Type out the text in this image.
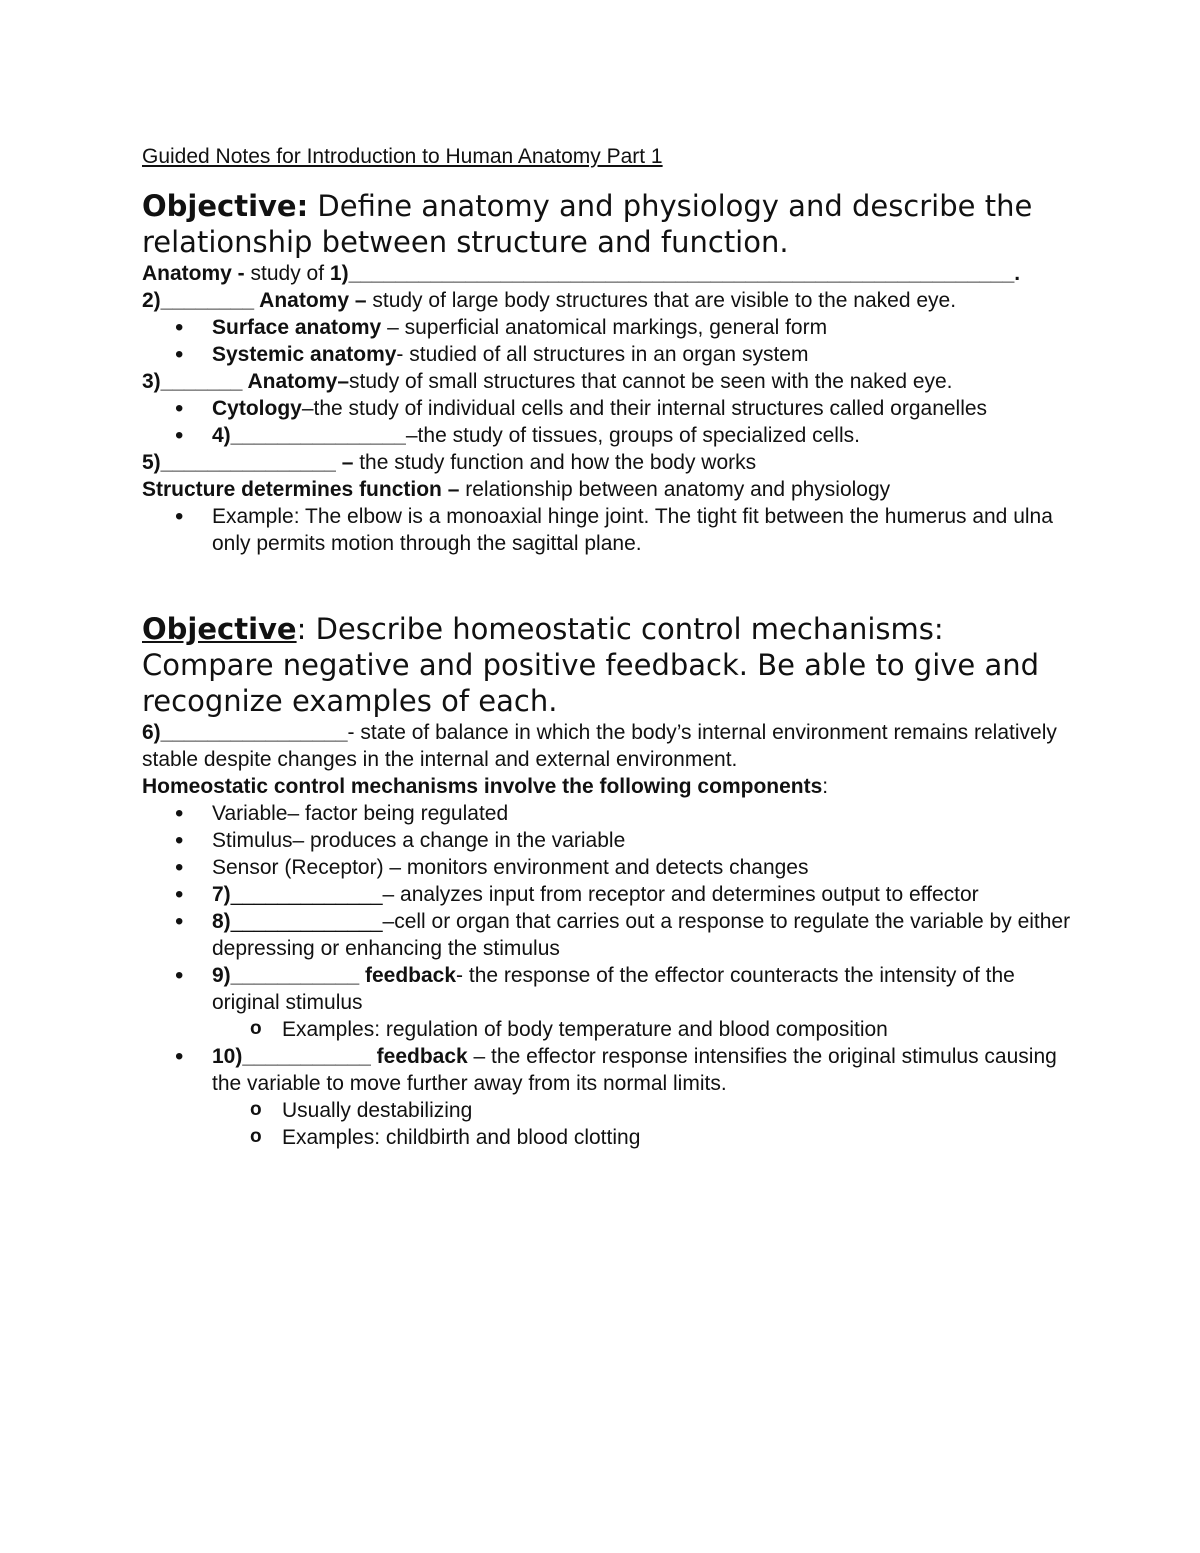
Guided Notes for Introduction to Human Anatomy Part 1

Objective: Define anatomy and physiology and describe the relationship between structure and function.

Anatomy - study of 1)_________________________________________________________.

2)________ Anatomy – study of large body structures that are visible to the naked eye.

• Surface anatomy – superficial anatomical markings, general form
• Systemic anatomy- studied of all structures in an organ system

3)_______ Anatomy–study of small structures that cannot be seen with the naked eye.

• Cytology–the study of individual cells and their internal structures called organelles
• 4)_______________–the study of tissues, groups of specialized cells.

5)_______________ – the study function and how the body works

Structure determines function – relationship between anatomy and physiology

• Example: The elbow is a monoaxial hinge joint. The tight fit between the humerus and ulna only permits motion through the sagittal plane.

Objective: Describe homeostatic control mechanisms: Compare negative and positive feedback. Be able to give and recognize examples of each.

6)________________- state of balance in which the body’s internal environment remains relatively stable despite changes in the internal and external environment.

Homeostatic control mechanisms involve the following components:

• Variable– factor being regulated
• Stimulus– produces a change in the variable
• Sensor (Receptor) – monitors environment and detects changes
• 7)_____________– analyzes input from receptor and determines output to effector
• 8)_____________–cell or organ that carries out a response to regulate the variable by either depressing or enhancing the stimulus
• 9)___________ feedback- the response of the effector counteracts the intensity of the original stimulus
o Examples: regulation of body temperature and blood composition
• 10)___________ feedback – the effector response intensifies the original stimulus causing the variable to move further away from its normal limits.
o Usually destabilizing
o Examples: childbirth and blood clotting
